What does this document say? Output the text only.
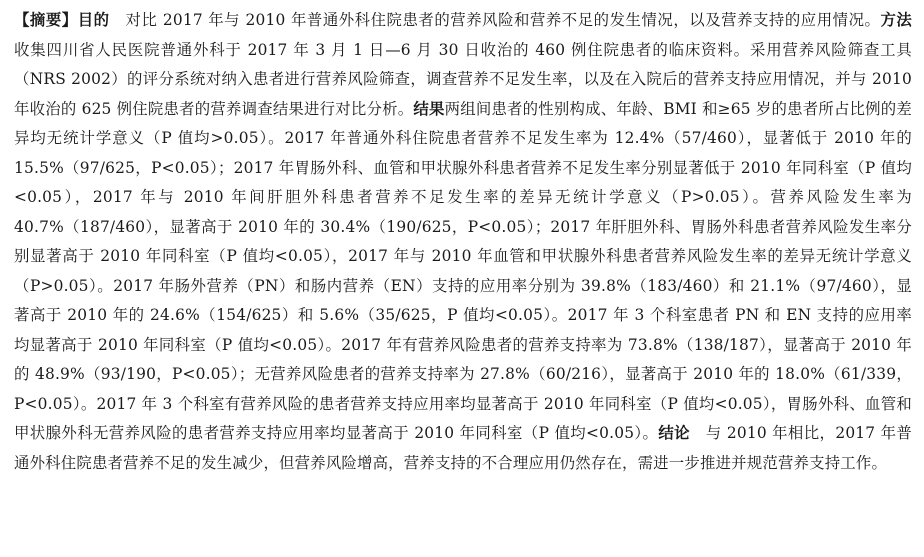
【摘要】目的　 对比 2017 年与 2010 年普通外科住院患者的营养风险和营养不足的发生情况，以及营养支持的应用情况。方法　收集四川省人民医院普通外科于 2017 年 3 月 1 日—6 月 30 日收治的 460 例住院患者的临床资料。采用营养风险筛查工具（NRS 2002）的评分系统对纳入患者进行营养风险筛查，调查营养不足发生率，以及在入院后的营养支持应用情况，并与 2010 年收治的 625 例住院患者的营养调查结果进行对比分析。结果两组间患者的性别构成、年龄、BMI 和≥65 岁的患者所占比例的差异均无统计学意义（P 值均>0.05）。2017 年普通外科住院患者营养不足发生率为 12.4%（57/460），显著低于 2010 年的 15.5%（97/625，P<0.05）；2017 年胃肠外科、血管和甲状腺外科患者营养不足发生率分别显著低于 2010 年同科室（P 值均<0.05），2017 年与 2010 年间肝胆外科患者营养不足发生率的差异无统计学意义（P>0.05）。营养风险发生率为40.7%（187/460），显著高于 2010 年的 30.4%（190/625，P<0.05）；2017 年肝胆外科、胃肠外科患者营养风险发生率分别显著高于 2010 年同科室（P 值均<0.05），2017 年与 2010 年血管和甲状腺外科患者营养风险发生率的差异无统计学意义（P>0.05）。2017 年肠外营养（PN）和肠内营养（EN）支持的应用率分别为 39.8%（183/460）和 21.1%（97/460），显著高于 2010 年的 24.6%（154/625）和 5.6%（35/625，P 值均<0.05）。2017 年 3 个科室患者 PN 和 EN 支持的应用率均显著高于 2010 年同科室（P 值均<0.05）。2017 年有营养风险患者的营养支持率为 73.8%（138/187），显著高于 2010 年的 48.9%（93/190，P<0.05）；无营养风险患者的营养支持率为 27.8%（60/216），显著高于 2010 年的 18.0%（61/339，P<0.05）。2017 年 3 个科室有营养风险的患者营养支持应用率均显著高于 2010 年同科室（P 值均<0.05），胃肠外科、血管和甲状腺外科无营养风险的患者营养支持应用率均显著高于 2010 年同科室（P 值均<0.05）。结论　 与 2010 年相比，2017 年普通外科住院患者营养不足的发生减少，但营养风险增高，营养支持的不合理应用仍然存在，需进一步推进并规范营养支持工作。
